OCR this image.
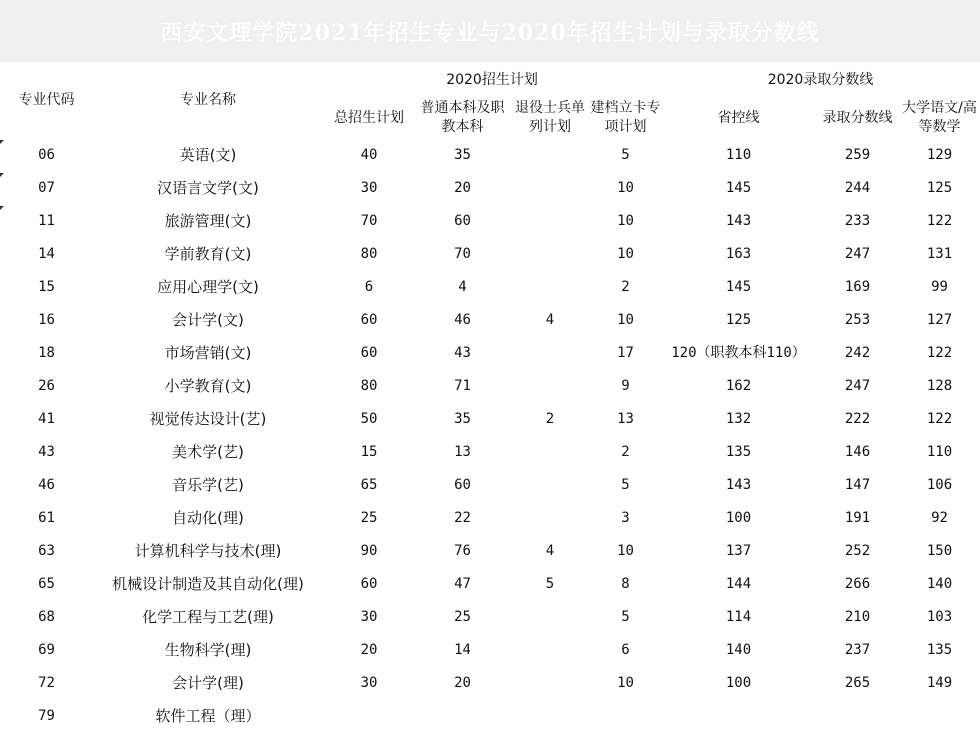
西安文理学院2021年招生专业与2020年招生计划与录取分数线
专业代码	专业名称	2020招生计划				2020录取分数线		
		总招生计划	普通本科及职教本科	退役士兵单列计划	建档立卡专项计划	省控线	录取分数线	大学语文/高等数学
06	英语(文)	40	35		5	110	259	129
07	汉语言文学(文)	30	20		10	145	244	125
11	旅游管理(文)	70	60		10	143	233	122
14	学前教育(文)	80	70		10	163	247	131
15	应用心理学(文)	6	4		2	145	169	99
16	会计学(文)	60	46	4	10	125	253	127
18	市场营销(文)	60	43		17	120（职教本科110）	242	122
26	小学教育(文)	80	71		9	162	247	128
41	视觉传达设计(艺)	50	35	2	13	132	222	122
43	美术学(艺)	15	13		2	135	146	110
46	音乐学(艺)	65	60		5	143	147	106
61	自动化(理)	25	22		3	100	191	92
63	计算机科学与技术(理)	90	76	4	10	137	252	150
65	机械设计制造及其自动化(理)	60	47	5	8	144	266	140
68	化学工程与工艺(理)	30	25		5	114	210	103
69	生物科学(理)	20	14		6	140	237	135
72	会计学(理)	30	20		10	100	265	149
79	软件工程（理）							
